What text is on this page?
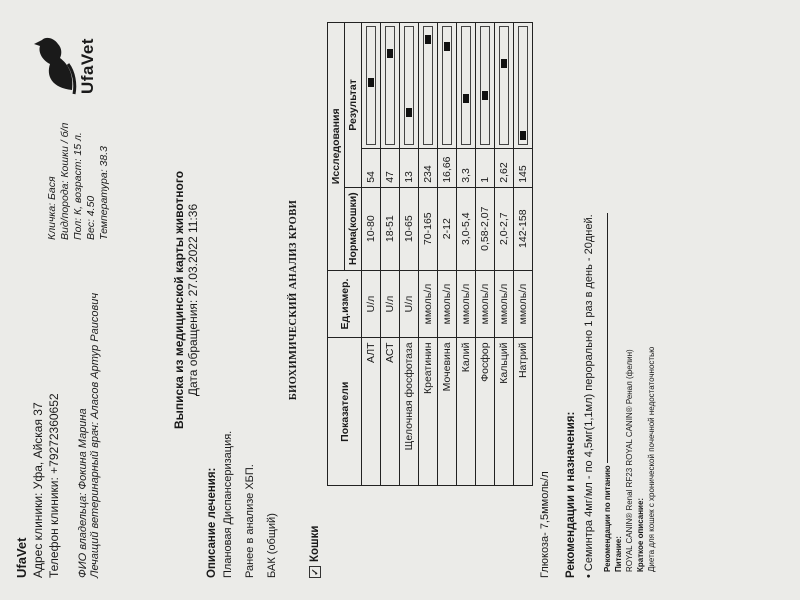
UfaVet Адрес клиники: Уфа, Айская 37 Телефон клиники: +79272360652 ФИО владельца: Фокина Марина Лечащий ветеринарный врач: Аласов Артур Раисович
Кличка: Бася Вид/порода: Кошки / б/п Пол: К, возраст: 15 л. Вес: 4.50 Температура: 38.3
UfaVet
Выписка из медицинской карты животного Дата обращения: 27.03.2022 11:36
Описание лечения: Плановая Диспансеризация. Ранее в анализе ХБП. БАК (общий)
БИОХИМИЧЕСКИЙ АНАЛИЗ КРОВИ
✓Кошки
Показатели	Ед.измер.	Исследования		
		Норма(кошки)	Результат	
АЛТ	U/л	10-80	54	

АСТ	U/л	18-51	47	

Щелочная фосфотаза	U/л	10-65	13	

Креатинин	ммоль/л	70-165	234	

Мочевина	ммоль/л	2-12	16,66	

Калий	ммоль/л	3,0-5,4	3,3	

Фосфор	ммоль/л	0,58-2,07	1	

Кальций	ммоль/л	2,0-2,7	2,62	

Натрий	ммоль/л	142-158	145	
Глюкоза- 7,5ммоль/л Рекомендации и назначения: • Семинтра 4мг/мл - по 4,5мг(1,1мл) перорально 1 раз в день - 20дней. Рекомендации по питанию Питание: ROYAL CANIN® Renal RF23 ROYAL CANIN® Ренал (фелин) Краткое описание: Диета для кошек с хронической почечной недостаточностью
